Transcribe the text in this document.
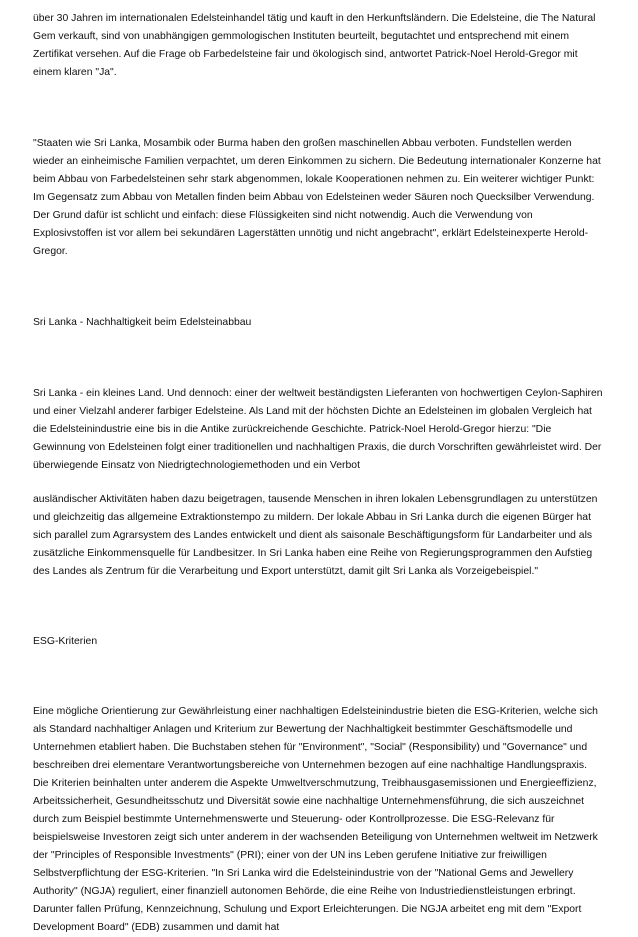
über 30 Jahren im internationalen Edelsteinhandel tätig und kauft in den Herkunftsländern. Die Edelsteine, die The Natural Gem verkauft, sind von unabhängigen gemmologischen Instituten beurteilt, begutachtet und entsprechend mit einem Zertifikat versehen. Auf die Frage ob Farbedelsteine fair und ökologisch sind, antwortet Patrick-Noel Herold-Gregor mit einem klaren "Ja".

"Staaten wie Sri Lanka, Mosambik oder Burma haben den großen maschinellen Abbau verboten. Fundstellen werden wieder an einheimische Familien verpachtet, um deren Einkommen zu sichern. Die Bedeutung internationaler Konzerne hat beim Abbau von Farbedelsteinen sehr stark abgenommen, lokale Kooperationen nehmen zu. Ein weiterer wichtiger Punkt: Im Gegensatz zum Abbau von Metallen finden beim Abbau von Edelsteinen weder Säuren noch Quecksilber Verwendung. Der Grund dafür ist schlicht und einfach: diese Flüssigkeiten sind nicht notwendig. Auch die Verwendung von Explosivstoffen ist vor allem bei sekundären Lagerstätten unnötig und nicht angebracht", erklärt Edelsteinexperte Herold-Gregor.

Sri Lanka - Nachhaltigkeit beim Edelsteinabbau

Sri Lanka - ein kleines Land. Und dennoch: einer der weltweit beständigsten Lieferanten von hochwertigen Ceylon-Saphiren und einer Vielzahl anderer farbiger Edelsteine. Als Land mit der höchsten Dichte an Edelsteinen im globalen Vergleich hat die Edelsteinindustrie eine bis in die Antike zurückreichende Geschichte. Patrick-Noel Herold-Gregor hierzu: "Die Gewinnung von Edelsteinen folgt einer traditionellen und nachhaltigen Praxis, die durch Vorschriften gewährleistet wird. Der überwiegende Einsatz von Niedrigtechnologiemethoden und ein Verbot

ausländischer Aktivitäten haben dazu beigetragen, tausende Menschen in ihren lokalen Lebensgrundlagen zu unterstützen und gleichzeitig das allgemeine Extraktionstempo zu mildern. Der lokale Abbau in Sri Lanka durch die eigenen Bürger hat sich parallel zum Agrarsystem des Landes entwickelt und dient als saisonale Beschäftigungsform für Landarbeiter und als zusätzliche Einkommensquelle für Landbesitzer. In Sri Lanka haben eine Reihe von Regierungsprogrammen den Aufstieg des Landes als Zentrum für die Verarbeitung und Export unterstützt, damit gilt Sri Lanka als Vorzeigebeispiel."

ESG-Kriterien

Eine mögliche Orientierung zur Gewährleistung einer nachhaltigen Edelsteinindustrie bieten die ESG-Kriterien, welche sich als Standard nachhaltiger Anlagen und Kriterium zur Bewertung der Nachhaltigkeit bestimmter Geschäftsmodelle und Unternehmen etabliert haben. Die Buchstaben stehen für "Environment", "Social" (Responsibility) und "Governance" und beschreiben drei elementare Verantwortungsbereiche von Unternehmen bezogen auf eine nachhaltige Handlungspraxis. Die Kriterien beinhalten unter anderem die Aspekte Umweltverschmutzung, Treibhausgasemissionen und Energieeffizienz, Arbeitssicherheit, Gesundheitsschutz und Diversität sowie eine nachhaltige Unternehmensführung, die sich auszeichnet durch zum Beispiel bestimmte Unternehmenswerte und Steuerung- oder Kontrollprozesse. Die ESG-Relevanz für beispielsweise Investoren zeigt sich unter anderem in der wachsenden Beteiligung von Unternehmen weltweit im Netzwerk der "Principles of Responsible Investments" (PRI); einer von der UN ins Leben gerufene Initiative zur freiwilligen Selbstverpflichtung der ESG-Kriterien. "In Sri Lanka wird die Edelsteinindustrie von der "National Gems and Jewellery Authority" (NGJA) reguliert, einer finanziell autonomen Behörde, die eine Reihe von Industriedienstleistungen erbringt. Darunter fallen Prüfung, Kennzeichnung, Schulung und Export Erleichterungen. Die NGJA arbeitet eng mit dem "Export Development Board" (EDB) zusammen und damit hat
